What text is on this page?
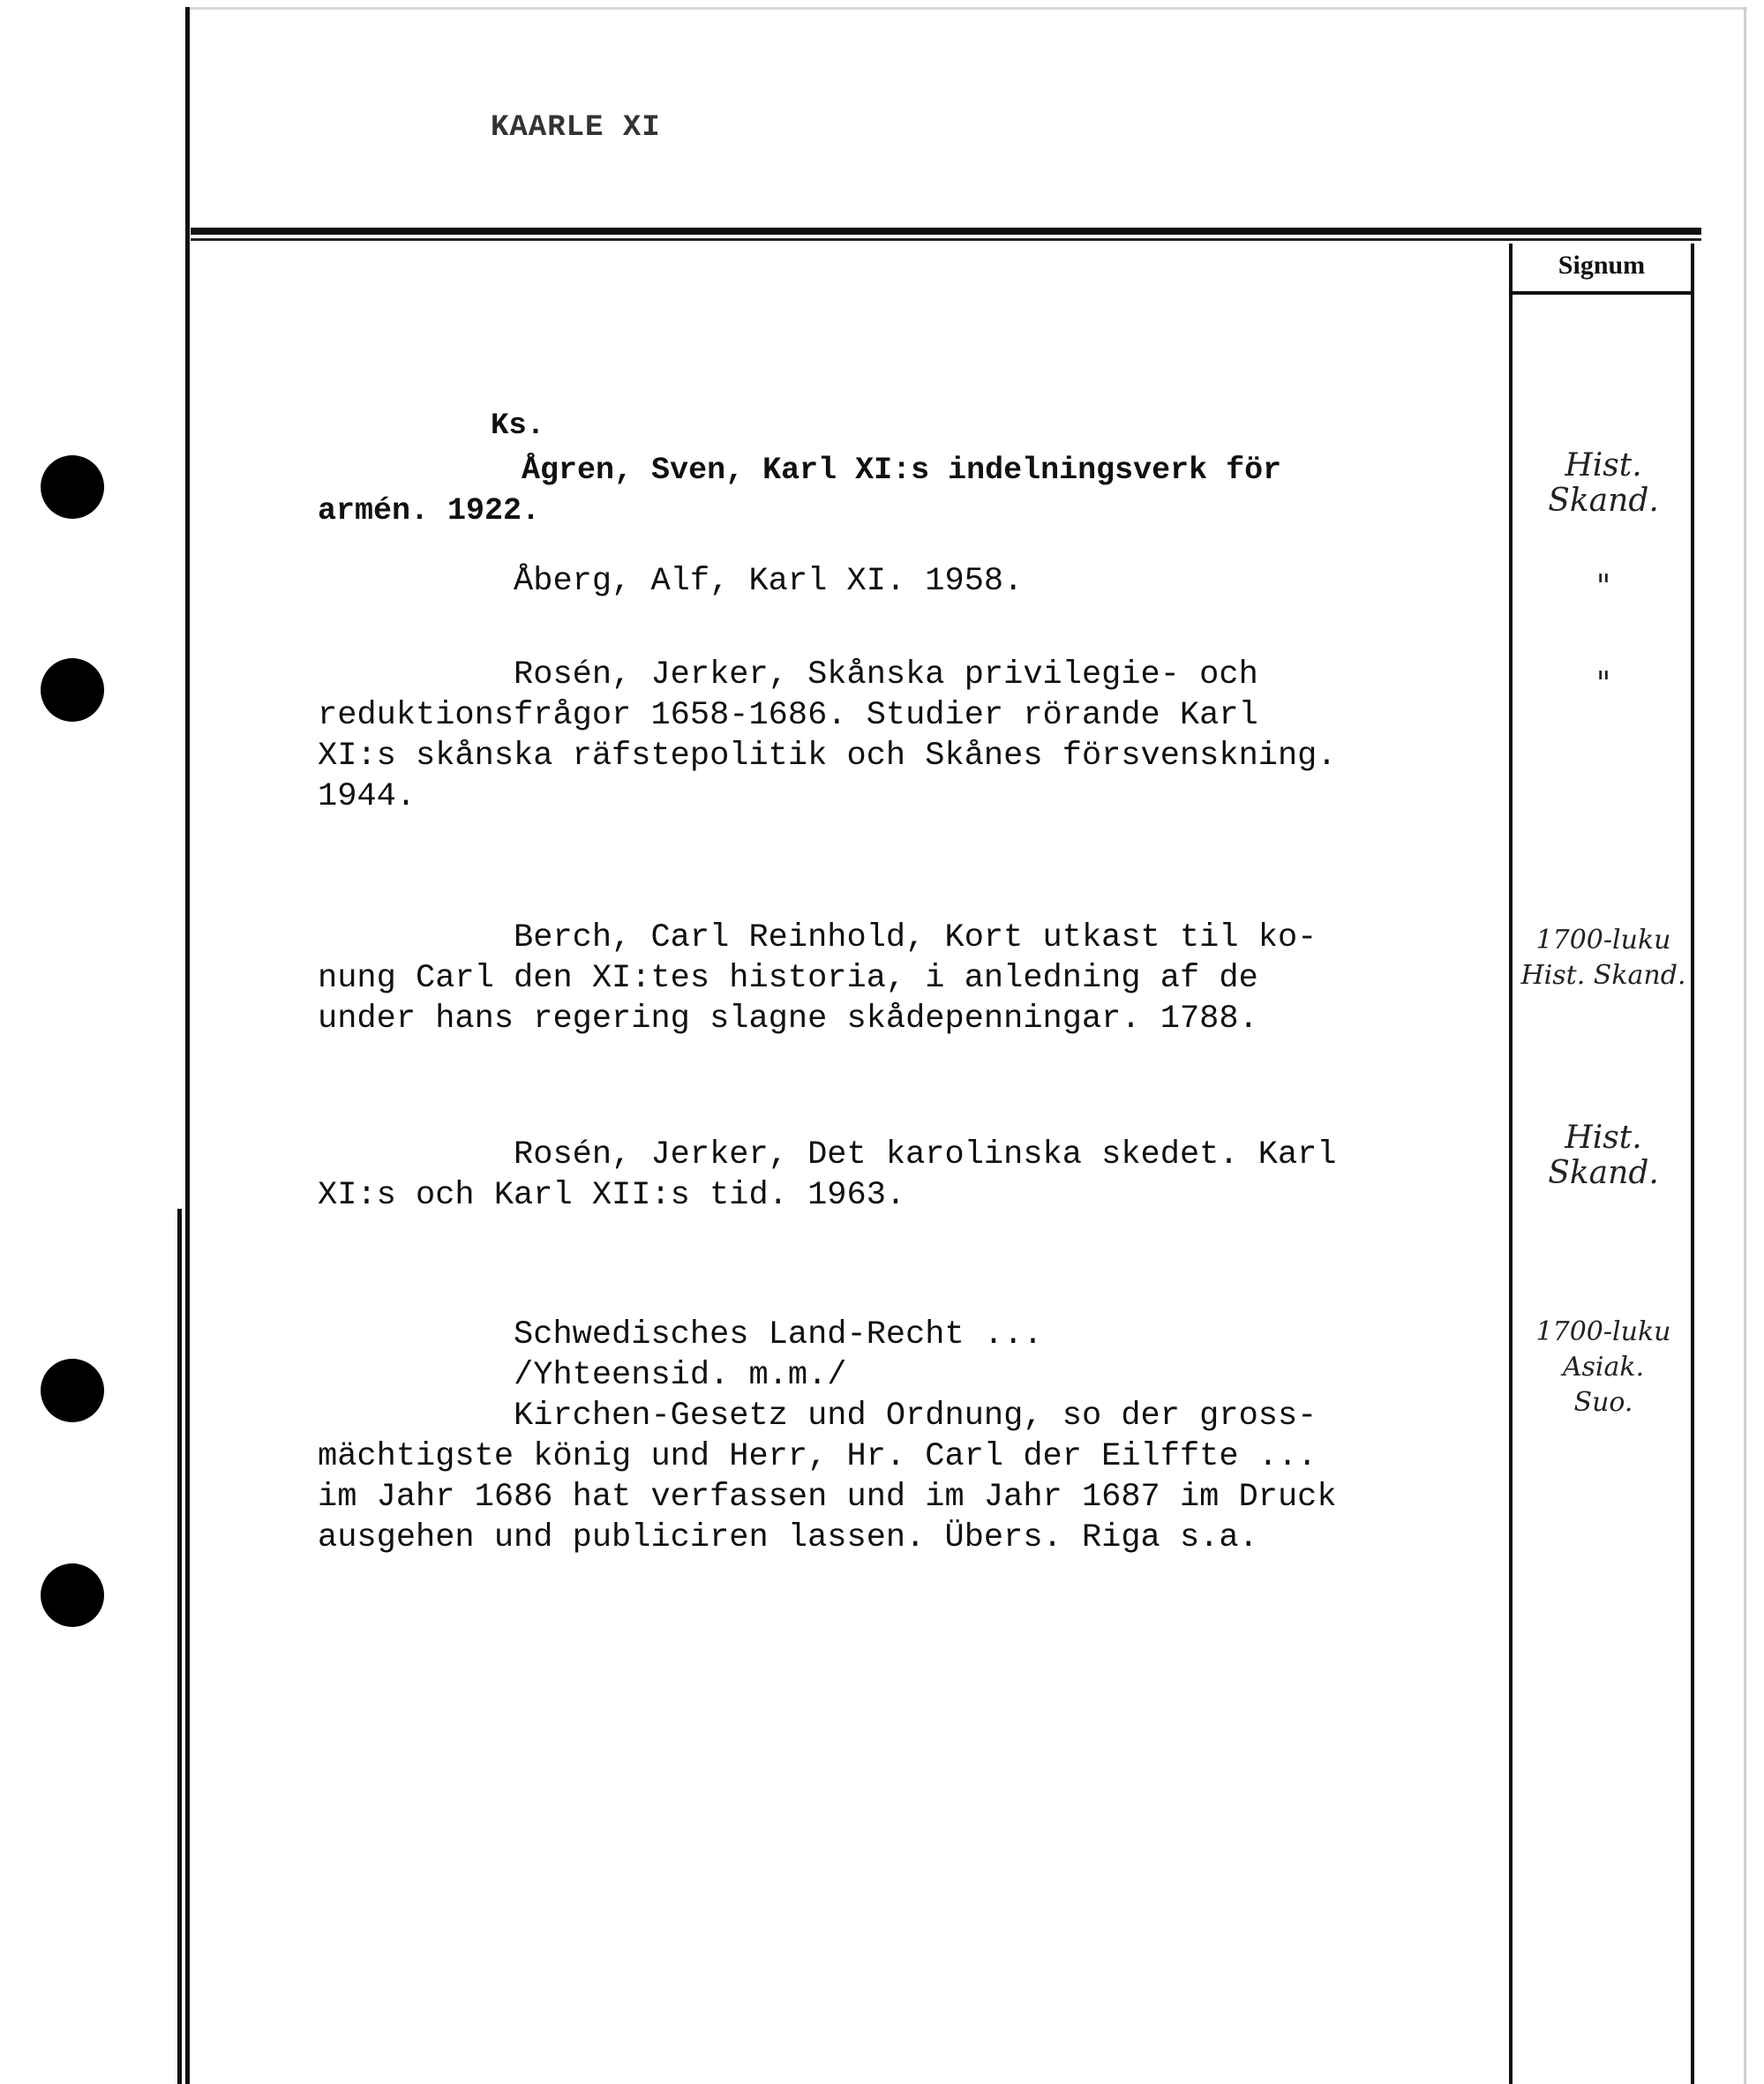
KAARLE XI
Signum
Ks.
Ågren, Sven, Karl XI:s indelningsverk för
armén. 1922.
Åberg, Alf, Karl XI. 1958.
Rosén, Jerker, Skånska privilegie- och
reduktionsfrågor 1658-1686. Studier rörande Karl
XI:s skånska räfstepolitik och Skånes försvenskning.
1944.
Berch, Carl Reinhold, Kort utkast til ko-
nung Carl den XI:tes historia, i anledning af de
under hans regering slagne skådepenningar. 1788.
Rosén, Jerker, Det karolinska skedet. Karl
XI:s och Karl XII:s tid. 1963.
Schwedisches Land-Recht ...
/Yhteensid. m.m./
Kirchen-Gesetz und Ordnung, so der gross-
mächtigste könig und Herr, Hr. Carl der Eilffte ...
im Jahr 1686 hat verfassen und im Jahr 1687 im Druck
ausgehen und publiciren lassen. Übers. Riga s.a.
Hist.
Skand.
"
"
1700-luku
Hist. Skand.
Hist.
Skand.
1700-luku
Asiak.
Suo.
